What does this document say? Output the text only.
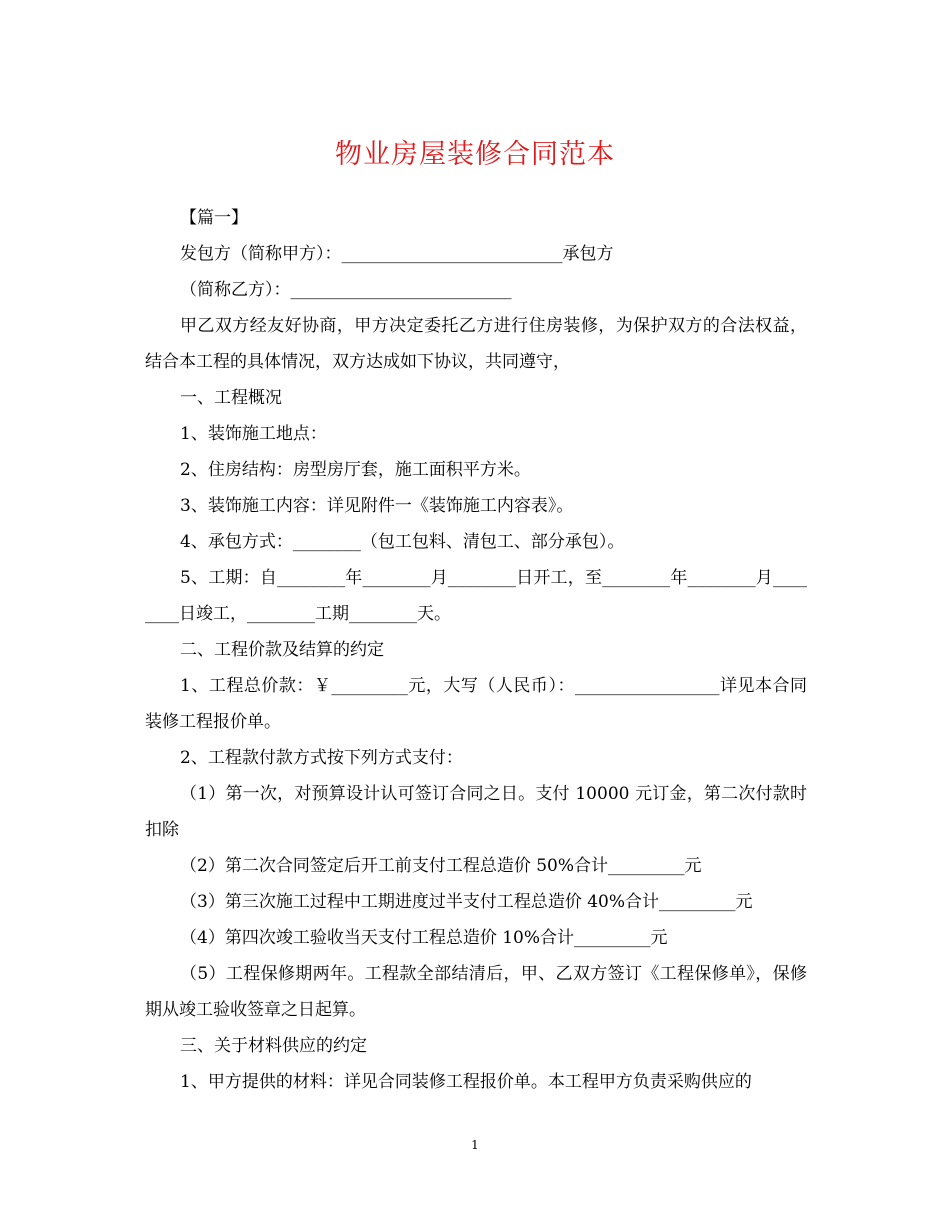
物业房屋装修合同范本

【篇一】

发包方（简称甲方）：__________________________承包方

（简称乙方）：__________________________

甲乙双方经友好协商，甲方决定委托乙方进行住房装修，为保护双方的合法权益，结合本工程的具体情况，双方达成如下协议，共同遵守，

一、工程概况

1、装饰施工地点：

2、住房结构：房型房厅套，施工面积平方米。

3、装饰施工内容：详见附件一《装饰施工内容表》。

4、承包方式：________（包工包料、清包工、部分承包）。

5、工期：自________年________月________日开工，至________年________月________日竣工，________工期________天。

二、工程价款及结算的约定

1、工程总价款：￥_________元，大写（人民币）：_________________详见本合同装修工程报价单。

2、工程款付款方式按下列方式支付：

（1）第一次，对预算设计认可签订合同之日。支付 10000 元订金，第二次付款时扣除

（2）第二次合同签定后开工前支付工程总造价 50%合计_________元

（3）第三次施工过程中工期进度过半支付工程总造价 40%合计_________元

（4）第四次竣工验收当天支付工程总造价 10%合计_________元

（5）工程保修期两年。工程款全部结清后，甲、乙双方签订《工程保修单》，保修期从竣工验收签章之日起算。

三、关于材料供应的约定

1、甲方提供的材料：详见合同装修工程报价单。本工程甲方负责采购供应的

1
